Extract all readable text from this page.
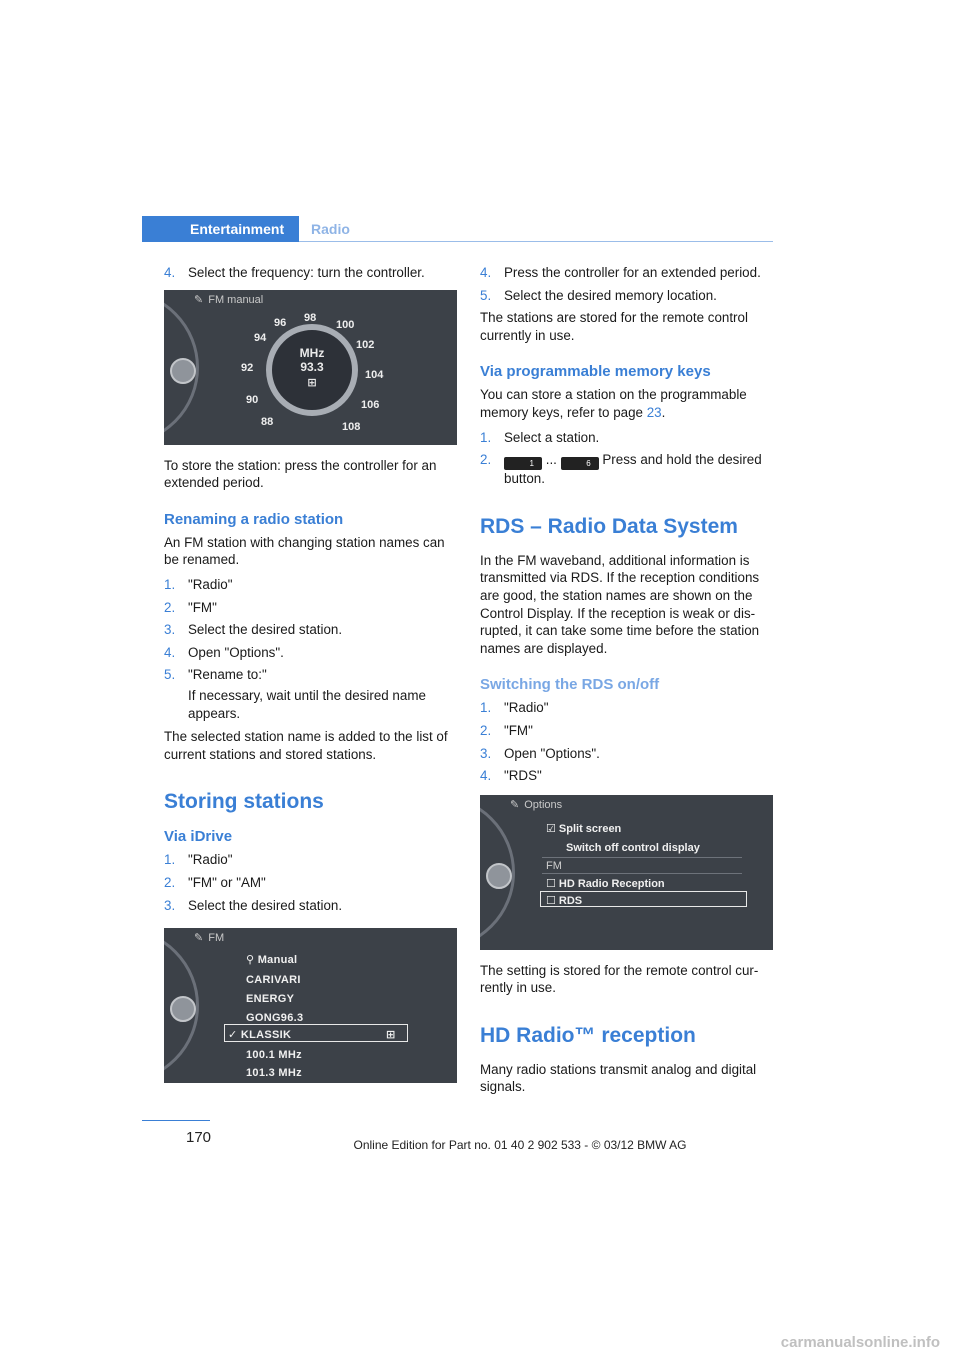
Entertainment	Radio
4. Select the frequency: turn the controller.
✎ FM manual
96 98
100
94
102
92
104
90	106
88	108
MHz
93.3
⊞

To store the station: press the controller for an extended period.

Renaming a radio station

An FM station with changing station names can be renamed.

1. "Radio"
2. "FM"
3. Select the desired station.
4. Open "Options".
5. "Rename to:"
If necessary, wait until the desired name appears.

The selected station name is added to the list of current stations and stored stations.

Storing stations
Via iDrive
1. "Radio"
2. "FM" or "AM"
3. Select the desired station.
✎ FM
⚲ Manual
CARIVARI
ENERGY
GONG96.3
✓ KLASSIK	⊞
100.1 MHz
101.3 MHz
4. Press the controller for an extended period.
5. Select the desired memory location.

The stations are stored for the remote control currently in use.

Via programmable memory keys

You can store a station on the programmable memory keys, refer to page 23.

1. Select a station.
2.	1 ...	6 Press and hold the desired button.
RDS – Radio Data System

In the FM waveband, additional information is transmitted via RDS. If the reception conditions are good, the station names are shown on the Control Display. If the reception is weak or dis-rupted, it can take some time before the station names are displayed.

Switching the RDS on/off
1. "Radio"
2. "FM"
3. Open "Options".
4. "RDS"
✎ Options
☑ Split screen
Switch off control display
FM
☐ HD Radio Reception
☐ RDS

The setting is stored for the remote control cur-rently in use.

HD Radio™ reception

Many radio stations transmit analog and digital signals.

170	Online Edition for Part no. 01 40 2 902 533 - © 03/12 BMW AG
carmanualsonline.info
